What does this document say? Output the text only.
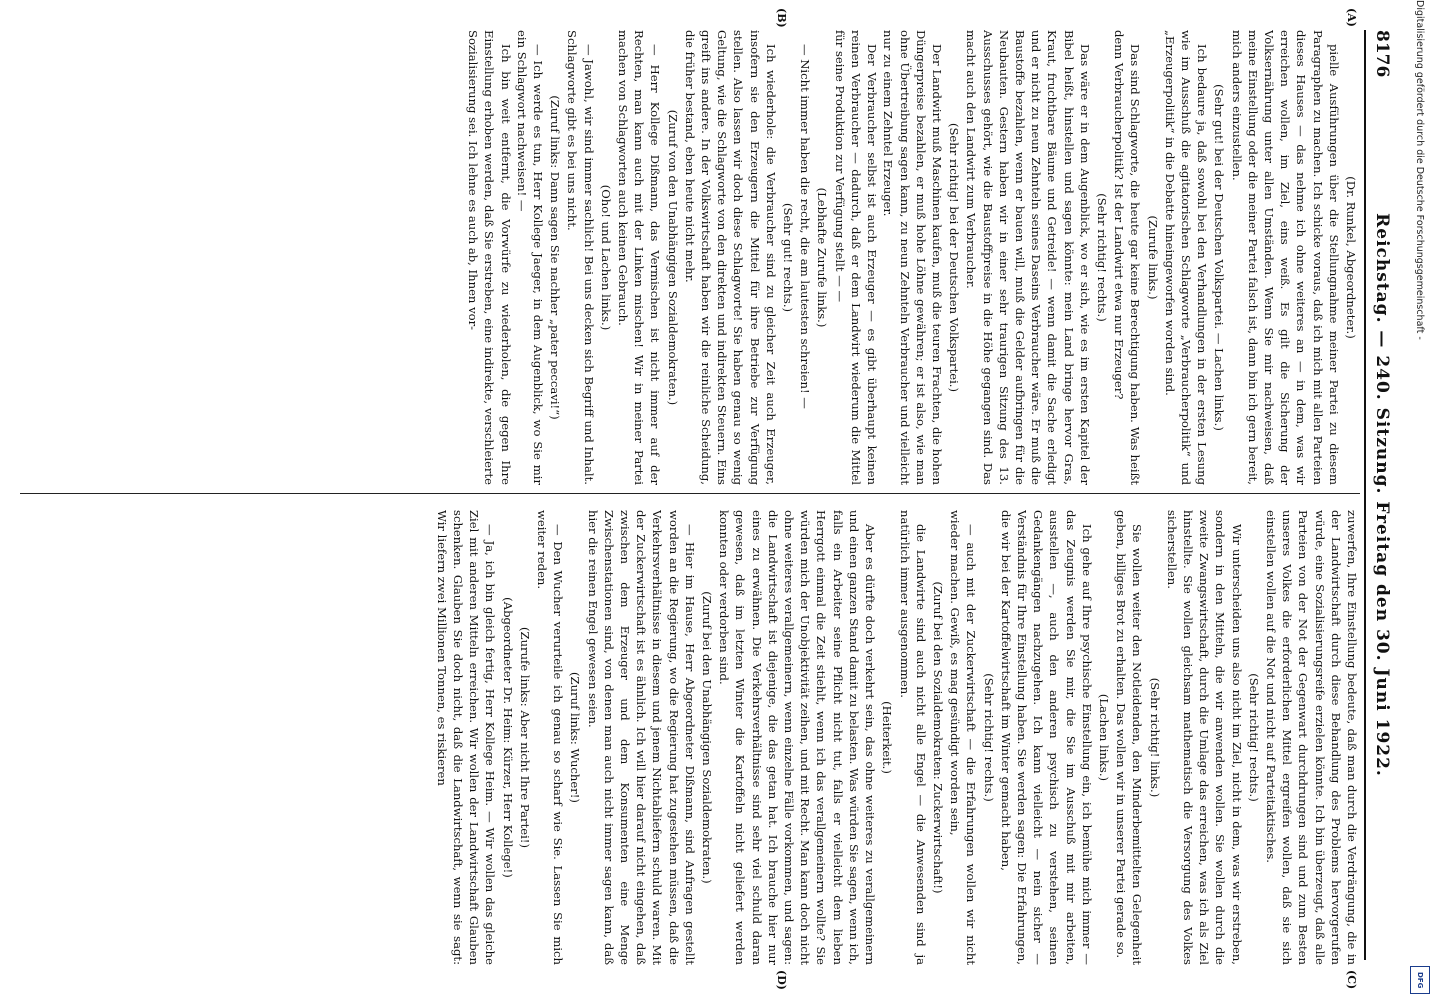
8176
Reichstag. — 240. Sitzung. Freitag den 30. Juni 1922.
(A)
(B)
(C)
(D)

(Dr. Runkel, Abgeordneter.)

pielle Ausführungen über die Stellungnahme meiner Partei zu diesem Paragraphen zu machen. Ich schicke voraus, daß ich mich mit allen Parteien dieses Hauses — das nehme ich ohne weiteres an — in dem, was wir erreichen wollen, im Ziel, eins weiß. Es gilt die Sicherung der Volksernährung unter allen Umständen. Wenn Sie mir nachweisen, daß meine Einstellung oder die meiner Partei falsch ist, dann bin ich gern bereit, mich anders einzustellen.

(Sehr gut! bei der Deutschen Volkspartei. — Lachen links.)

Ich bedaure ja, daß sowohl bei den Verhandlungen in der ersten Lesung wie im Ausschuß die agitatorischen Schlagworte „Verbraucherpolitik“ und „Erzeugerpolitik“ in die Debatte hineingeworfen worden sind.

(Zurufe links.)

Das sind Schlagworte, die heute gar keine Berechtigung haben. Was heißt denn Verbraucherpolitik? Ist der Landwirt etwa nur Erzeuger?

(Sehr richtig! rechts.)

Das wäre er in dem Augenblick, wo er sich, wie es im ersten Kapitel der Bibel heißt, hinstellen und sagen könnte: mein Land bringe hervor Gras, Kraut, fruchtbare Bäume und Getreide! — wenn damit die Sache erledigt und er nicht zu neun Zehnteln seines Daseins Verbraucher wäre. Er muß die Baustoffe bezahlen, wenn er bauen will, muß die Gelder aufbringen für die Neubauten. Gestern haben wir in einer sehr traurigen Sitzung des 13. Ausschusses gehört, wie die Baustoffpreise in die Höhe gegangen sind. Das macht auch den Landwirt zum Verbraucher.

(Sehr richtig! bei der Deutschen Volkspartei.)

Der Landwirt muß Maschinen kaufen, muß die teuren Frachten, die hohen Düngerpreise bezahlen, er muß hohe Löhne gewähren; er ist also, wie man ohne Übertreibung sagen kann, zu neun Zehnteln Verbraucher und vielleicht nur zu einem Zehntel Erzeuger.

Der Verbraucher selbst ist auch Erzeuger — es gibt überhaupt keinen reinen Verbraucher — dadurch, daß er dem Landwirt wiederum die Mittel für seine Produktion zur Verfügung stellt — —

(Lebhafte Zurufe links.)

— Nicht immer haben die recht, die am lautesten schreien! —

(Sehr gut! rechts.)

Ich wiederhole: die Verbraucher sind zu gleicher Zeit auch Erzeuger, insofern sie den Erzeugern die Mittel für ihre Betriebe zur Verfügung stellen. Also lassen wir doch diese Schlagworte! Sie haben genau so wenig Geltung, wie die Schlagworte von den direkten und indirekten Steuern. Eins greift ins andere. In der Volkswirtschaft haben wir die reinliche Scheidung, die früher bestand, eben heute nicht mehr.

(Zuruf von den Unabhängigen Sozialdemokraten.)

— Herr Kollege Dißmann, das Vermischen ist nicht immer auf der Rechten, man kann auch mit der Linken mischen! Wir in meiner Partei machen von Schlagworten auch keinen Gebrauch.

(Oho! und Lachen links.)

— Jawohl, wir sind immer sachlich! Bei uns decken sich Begriff und Inhalt. Schlagworte gibt es bei uns nicht.

(Zuruf links: Dann sagen Sie nachher „pater peccavi!“)

— Ich werde es tun, Herr Kollege Jaeger, in dem Augenblick, wo Sie mir ein Schlagwort nachweisen! —

Ich bin weit entfernt, die Vorwürfe zu wiederholen, die gegen Ihre Einstellung erhoben werden, daß Sie erstreben, eine indirekte, verschleierte Sozialisierung sei. Ich lehne es auch ab, Ihnen vor-

zuwerfen, Ihre Einstellung bedeute, daß man durch die Verdrängung, die in der Landwirtschaft durch diese Behandlung des Problems hervorgerufen würde, eine Sozialisierungsreife erzielen könnte. Ich bin überzeugt, daß alle Parteien von der Not der Gegenwart durchdrungen sind und zum Besten unseres Volkes die erforderlichen Mittel ergreifen wollen, daß sie sich einstellen wollen auf die Not und nicht auf Parteitaktisches.

(Sehr richtig! rechts.)

Wir unterscheiden uns also nicht im Ziel, nicht in dem, was wir erstreben, sondern in den Mitteln, die wir anwenden wollen. Sie wollen durch die zweite Zwangswirtschaft, durch die Umlage das erreichen, was ich als Ziel hinstellte. Sie wollen gleichsam mathematisch die Versorgung des Volkes sicherstellen.

(Sehr richtig! links.)

Sie wollen weiter den Notleidenden, den Minderbemittelten Gelegenheit geben, billiges Brot zu erhalten. Das wollen wir in unserer Partei gerade so.

(Lachen links.)

Ich gehe auf Ihre psychische Einstellung ein, ich bemühe mich immer — das Zeugnis werden Sie mir, die Sie im Ausschuß mit mir arbeiten, ausstellen —, auch den anderen psychisch zu verstehen, seinen Gedankengängen nachzugehen. Ich kann vielleicht — nein sicher — Verständnis für Ihre Einstellung haben. Sie werden sagen: Die Erfahrungen, die wir bei der Kartoffelwirtschaft im Winter gemacht haben,

(Sehr richtig! rechts.)

— auch mit der Zuckerwirtschaft — die Erfahrungen wollen wir nicht wieder machen. Gewiß, es mag gesündigt worden sein,

(Zuruf bei den Sozialdemokraten: Zuckerwirtschaft!)

die Landwirte sind auch nicht alle Engel — die Anwesenden sind ja natürlich immer ausgenommen.

(Heiterkeit.)

Aber es dürfte doch verkehrt sein, das ohne weiteres zu verallgemeinern und einen ganzen Stand damit zu belasten. Was würden Sie sagen, wenn ich, falls ein Arbeiter seine Pflicht nicht tut, falls er vielleicht dem lieben Herrgott einmal die Zeit stiehlt, wenn ich das verallgemeinern wollte? Sie würden mich der Unobjektivität zeihen, und mit Recht. Man kann doch nicht ohne weiteres verallgemeinern, wenn einzelne Fälle vorkommen, und sagen: die Landwirtschaft ist diejenige, die das getan hat. Ich brauche hier nur eines zu erwähnen. Die Verkehrsverhältnisse sind sehr viel schuld daran gewesen, daß im letzten Winter die Kartoffeln nicht geliefert werden konnten oder verdorben sind.

(Zuruf bei den Unabhängigen Sozialdemokraten.)

— Hier im Hause, Herr Abgeordneter Dißmann, sind Anfragen gestellt worden an die Regierung, wo die Regierung hat zugestehen müssen, daß die Verkehrsverhältnisse in diesem und jenem Nichtabliefern schuld waren. Mit der Zuckerwirtschaft ist es ähnlich. Ich will hier darauf nicht eingehen, daß zwischen dem Erzeuger und dem Konsumenten eine Menge Zwischenstationen sind, von denen man auch nicht immer sagen kann, daß hier die reinen Engel gewesen seien.

(Zuruf links: Wucher!)

— Den Wucher verurteile ich genau so scharf wie Sie. Lassen Sie mich weiter reden.

(Zurufe links: Aber nicht Ihre Partei!)

(Abgeordneter Dr. Heim: Kürzer, Herr Kollege!)

— Ja, ich bin gleich fertig, Herr Kollege Heim. — Wir wollen das gleiche Ziel mit anderen Mitteln erreichen. Wir wollen der Landwirtschaft Glauben schenken. Glauben Sie doch nicht, daß die Landwirtschaft, wenn sie sagt: Wir liefern zwei Millionen Tonnen, es riskieren

Digitalisierung gefördert durch die Deutsche Forschungsgemeinschaft -
DFG
